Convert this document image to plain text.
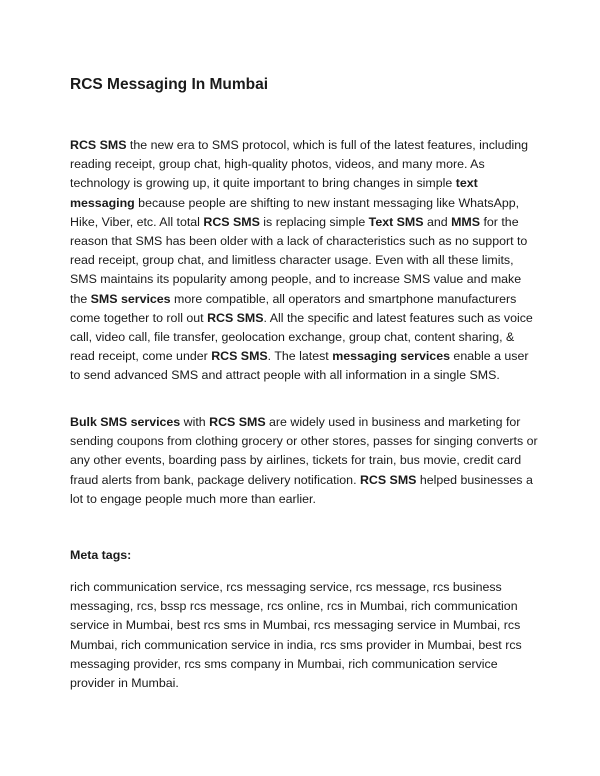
RCS Messaging In Mumbai

RCS SMS the new era to SMS protocol, which is full of the latest features, including reading receipt, group chat, high-quality photos, videos, and many more. As technology is growing up, it quite important to bring changes in simple text messaging because people are shifting to new instant messaging like WhatsApp, Hike, Viber, etc. All total RCS SMS is replacing simple Text SMS and MMS for the reason that SMS has been older with a lack of characteristics such as no support to read receipt, group chat, and limitless character usage. Even with all these limits, SMS maintains its popularity among people, and to increase SMS value and make the SMS services more compatible, all operators and smartphone manufacturers come together to roll out RCS SMS. All the specific and latest features such as voice call, video call, file transfer, geolocation exchange, group chat, content sharing, & read receipt, come under RCS SMS. The latest messaging services enable a user to send advanced SMS and attract people with all information in a single SMS.

Bulk SMS services with RCS SMS are widely used in business and marketing for sending coupons from clothing grocery or other stores, passes for singing converts or any other events, boarding pass by airlines, tickets for train, bus movie, credit card fraud alerts from bank, package delivery notification. RCS SMS helped businesses a lot to engage people much more than earlier.

Meta tags:

rich communication service, rcs messaging service, rcs message, rcs business messaging, rcs, bssp rcs message, rcs online, rcs in Mumbai, rich communication service in Mumbai, best rcs sms in Mumbai, rcs messaging service in Mumbai, rcs Mumbai, rich communication service in india, rcs sms provider in Mumbai, best rcs messaging provider, rcs sms company in Mumbai, rich communication service provider in Mumbai.
